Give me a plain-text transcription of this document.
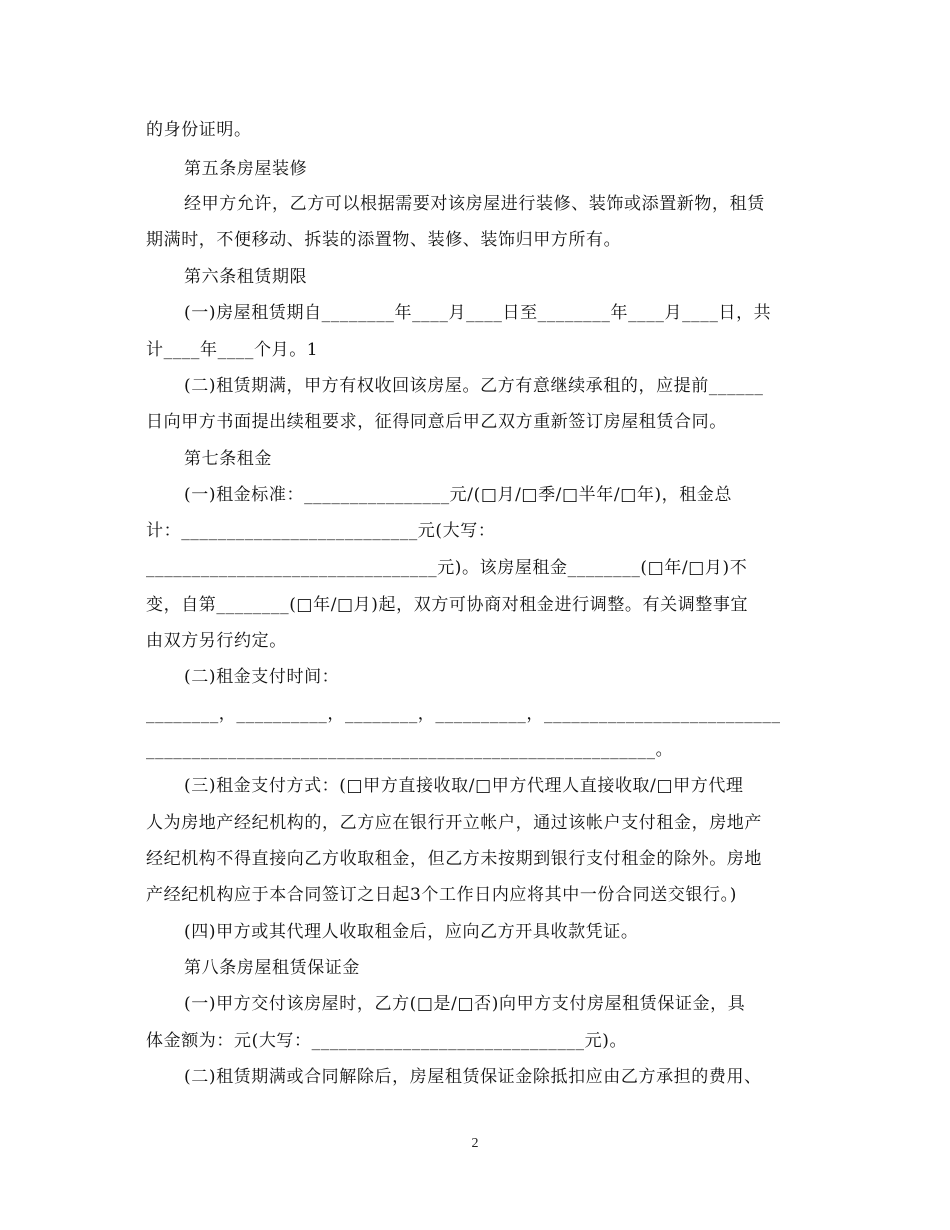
的身份证明。
第五条房屋装修
经甲方允许，乙方可以根据需要对该房屋进行装修、装饰或添置新物，租赁
期满时，不便移动、拆装的添置物、装修、装饰归甲方所有。
第六条租赁期限
(一)房屋租赁期自________年____月____日至________年____月____日，共
计____年____个月。1
(二)租赁期满，甲方有权收回该房屋。乙方有意继续承租的，应提前______
日向甲方书面提出续租要求，征得同意后甲乙双方重新签订房屋租赁合同。
第七条租金
(一)租金标准：________________元/(□月/□季/□半年/□年)，租金总
计：__________________________元(大写：
________________________________元)。该房屋租金________(□年/□月)不
变，自第________(□年/□月)起，双方可协商对租金进行调整。有关调整事宜
由双方另行约定。
(二)租金支付时间：
________，__________，________，__________，__________________________
________________________________________________________。
(三)租金支付方式：(□甲方直接收取/□甲方代理人直接收取/□甲方代理
人为房地产经纪机构的，乙方应在银行开立帐户，通过该帐户支付租金，房地产
经纪机构不得直接向乙方收取租金，但乙方未按期到银行支付租金的除外。房地
产经纪机构应于本合同签订之日起3个工作日内应将其中一份合同送交银行。)
(四)甲方或其代理人收取租金后，应向乙方开具收款凭证。
第八条房屋租赁保证金
(一)甲方交付该房屋时，乙方(□是/□否)向甲方支付房屋租赁保证金，具
体金额为：元(大写：______________________________元)。
(二)租赁期满或合同解除后，房屋租赁保证金除抵扣应由乙方承担的费用、
2
